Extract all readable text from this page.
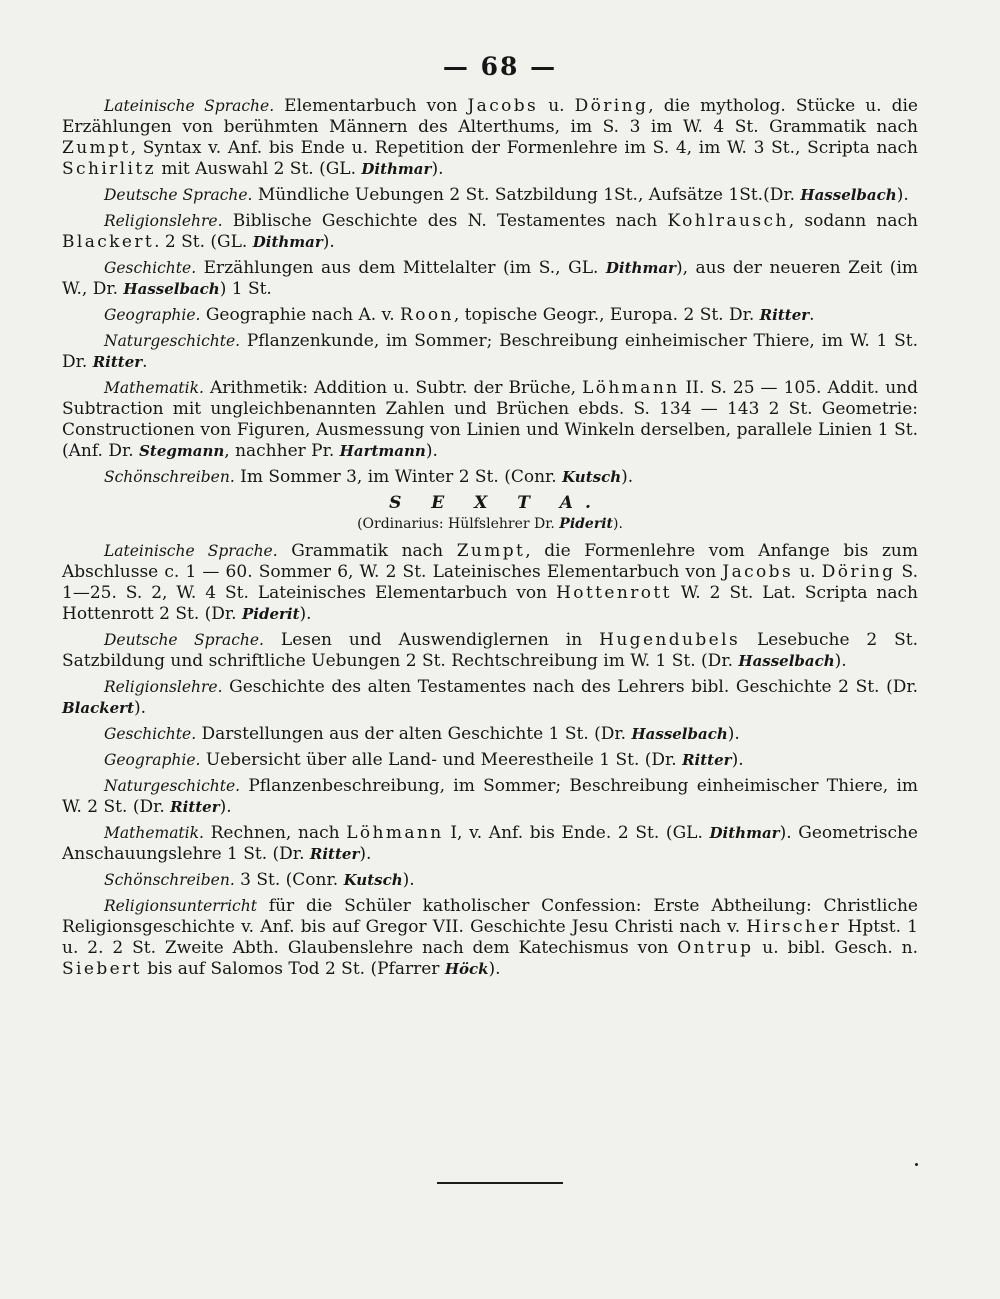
— 68 —

Lateinische Sprache. Elementarbuch von Jacobs u. Döring, die mytholog. Stücke u. die Erzählungen von berühmten Männern des Alterthums, im S. 3 im W. 4 St. Grammatik nach Zumpt, Syntax v. Anf. bis Ende u. Repetition der Formenlehre im S. 4, im W. 3 St., Scripta nach Schirlitz mit Auswahl 2 St. (GL. Dithmar).

Deutsche Sprache. Mündliche Uebungen 2 St. Satzbildung 1St., Aufsätze 1St.(Dr. Hasselbach).

Religionslehre. Biblische Geschichte des N. Testamentes nach Kohlrausch, sodann nach Blackert. 2 St. (GL. Dithmar).

Geschichte. Erzählungen aus dem Mittelalter (im S., GL. Dithmar), aus der neueren Zeit (im W., Dr. Hasselbach) 1 St.

Geographie. Geographie nach A. v. Roon, topische Geogr., Europa. 2 St. Dr. Ritter.

Naturgeschichte. Pflanzenkunde, im Sommer; Beschreibung einheimischer Thiere, im W. 1 St. Dr. Ritter.

Mathematik. Arithmetik: Addition u. Subtr. der Brüche, Löhmann II. S. 25 — 105. Addit. und Subtraction mit ungleichbenannten Zahlen und Brüchen ebds. S. 134 — 143 2 St. Geometrie: Constructionen von Figuren, Ausmessung von Linien und Winkeln derselben, parallele Linien 1 St. (Anf. Dr. Stegmann, nachher Pr. Hartmann).

Schönschreiben. Im Sommer 3, im Winter 2 St. (Conr. Kutsch).

S E X T A.
(Ordinarius: Hülfslehrer Dr. Piderit).

Lateinische Sprache. Grammatik nach Zumpt, die Formenlehre vom Anfange bis zum Abschlusse c. 1 — 60. Sommer 6, W. 2 St. Lateinisches Elementarbuch von Jacobs u. Döring S. 1—25. S. 2, W. 4 St. Lateinisches Elementarbuch von Hottenrott W. 2 St. Lat. Scripta nach Hottenrott 2 St. (Dr. Piderit).

Deutsche Sprache. Lesen und Auswendiglernen in Hugendubels Lesebuche 2 St. Satzbildung und schriftliche Uebungen 2 St. Rechtschreibung im W. 1 St. (Dr. Hasselbach).

Religionslehre. Geschichte des alten Testamentes nach des Lehrers bibl. Geschichte 2 St. (Dr. Blackert).

Geschichte. Darstellungen aus der alten Geschichte 1 St. (Dr. Hasselbach).

Geographie. Uebersicht über alle Land- und Meerestheile 1 St. (Dr. Ritter).

Naturgeschichte. Pflanzenbeschreibung, im Sommer; Beschreibung einheimischer Thiere, im W. 2 St. (Dr. Ritter).

Mathematik. Rechnen, nach Löhmann I, v. Anf. bis Ende. 2 St. (GL. Dithmar). Geometrische Anschauungslehre 1 St. (Dr. Ritter).

Schönschreiben. 3 St. (Conr. Kutsch).

Religionsunterricht für die Schüler katholischer Confession: Erste Abtheilung: Christliche Religionsgeschichte v. Anf. bis auf Gregor VII. Geschichte Jesu Christi nach v. Hirscher Hptst. 1 u. 2. 2 St. Zweite Abth. Glaubenslehre nach dem Katechismus von Ontrup u. bibl. Gesch. n. Siebert bis auf Salomos Tod 2 St. (Pfarrer Höck).
